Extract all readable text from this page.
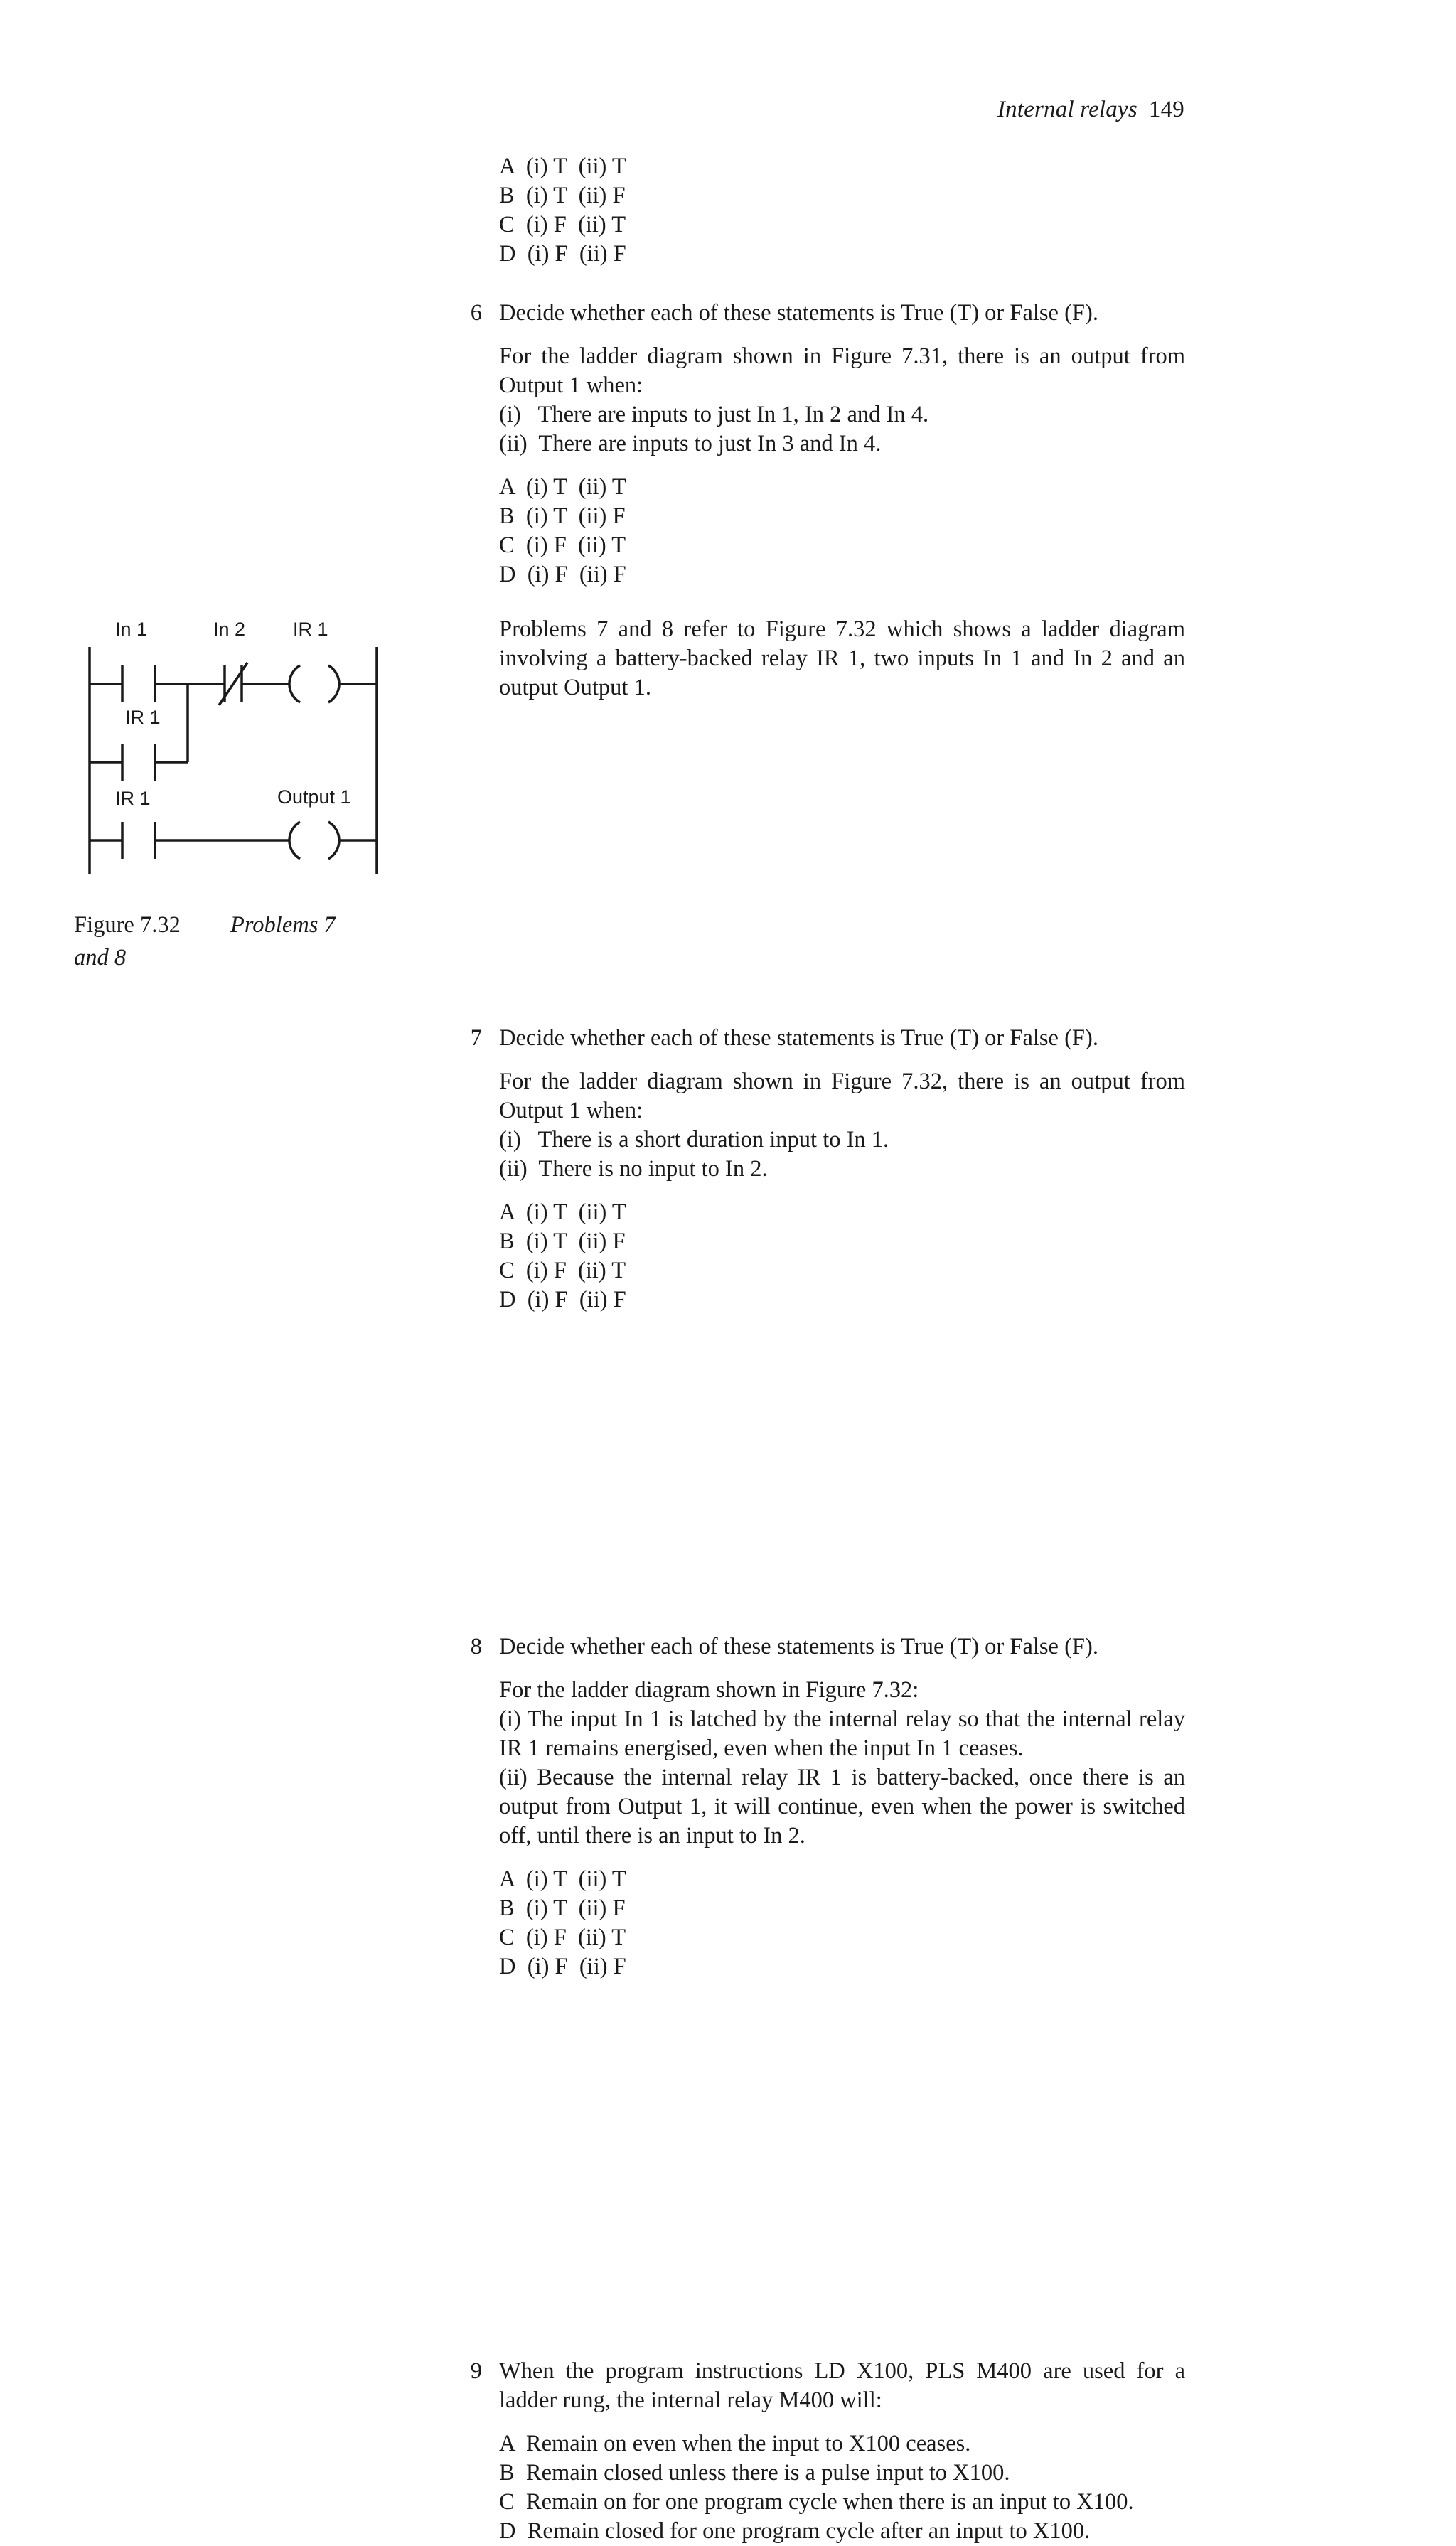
Internal relays 149
A  (i) T  (ii) T
B  (i) T  (ii) F
C  (i) F  (ii) T
D  (i) F  (ii) F
6 Decide whether each of these statements is True (T) or False (F).
For the ladder diagram shown in Figure 7.31, there is an output from Output 1 when:
(i)   There are inputs to just In 1, In 2 and In 4.
(ii)  There are inputs to just In 3 and In 4.
A  (i) T  (ii) T
B  (i) T  (ii) F
C  (i) F  (ii) T
D  (i) F  (ii) F
Problems 7 and 8 refer to Figure 7.32 which shows a ladder diagram involving a battery-backed relay IR 1, two inputs In 1 and In 2 and an output Output 1.
7 Decide whether each of these statements is True (T) or False (F).
For the ladder diagram shown in Figure 7.32, there is an output from Output 1 when:
(i)   There is a short duration input to In 1.
(ii)  There is no input to In 2.
A  (i) T  (ii) T
B  (i) T  (ii) F
C  (i) F  (ii) T
D  (i) F  (ii) F
8 Decide whether each of these statements is True (T) or False (F).
For the ladder diagram shown in Figure 7.32:
(i) The input In 1 is latched by the internal relay so that the internal relay IR 1 remains energised, even when the input In 1 ceases.
(ii) Because the internal relay IR 1 is battery-backed, once there is an output from Output 1, it will continue, even when the power is switched off, until there is an input to In 2.
A  (i) T  (ii) T
B  (i) T  (ii) F
C  (i) F  (ii) T
D  (i) F  (ii) F
9 When the program instructions LD X100, PLS M400 are used for a ladder rung, the internal relay M400 will:
A  Remain on even when the input to X100 ceases.
B  Remain closed unless there is a pulse input to X100.
C  Remain on for one program cycle when there is an input to X100.
D  Remain closed for one program cycle after an input to X100.
In 1	In 2 IR 1
IR 1
IR 1	Output 1
Figure 7.32 Problems 7 and 8
